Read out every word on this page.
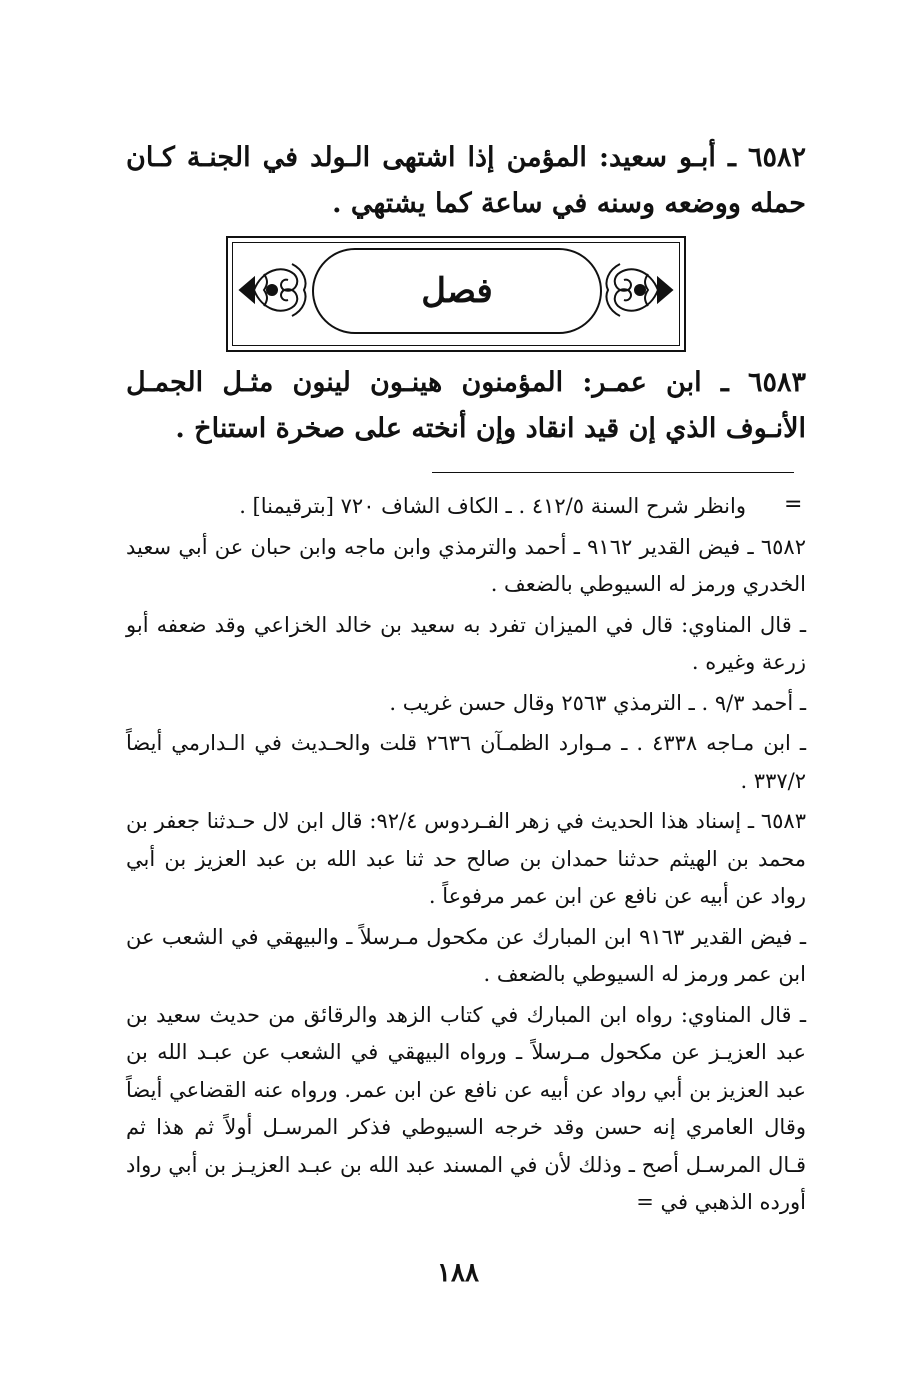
٦٥٨٢ ـ أبـو سعيد: المؤمن إذا اشتهى الـولد في الجنـة كـان حمله ووضعه وسنه في ساعة كما يشتهي .
فصل
٦٥٨٣ ـ ابن عمـر: المؤمنون هينـون لينون مثـل الجمـل الأنـوف الذي إن قيد انقاد وإن أنخته على صخرة استناخ .
=

وانظر شرح السنة ٤١٢/٥ . ـ الكاف الشاف ٧٢٠ [بترقيمنا] .

٦٥٨٢ ـ فيض القدير ٩١٦٢ ـ أحمد والترمذي وابن ماجه وابن حبان عن أبي سعيد الخدري ورمز له السيوطي بالضعف .

ـ قال المناوي: قال في الميزان تفرد به سعيد بن خالد الخزاعي وقد ضعفه أبو زرعة وغيره .

ـ أحمد ٩/٣ . ـ الترمذي ٢٥٦٣ وقال حسن غريب .

ـ ابن مـاجه ٤٣٣٨ . ـ مـوارد الظمـآن ٢٦٣٦ قلت والحـديث في الـدارمي أيضاً ٣٣٧/٢ .

٦٥٨٣ ـ إسناد هذا الحديث في زهر الفـردوس ٩٢/٤: قال ابن لال حـدثنا جعفر بن محمد بن الهيثم حدثنا حمدان بن صالح حد ثنا عبد الله بن عبد العزيز بن أبي رواد عن أبيه عن نافع عن ابن عمر مرفوعاً .

ـ فيض القدير ٩١٦٣ ابن المبارك عن مكحول مـرسلاً ـ والبيهقي في الشعب عن ابن عمر ورمز له السيوطي بالضعف .

ـ قال المناوي: رواه ابن المبارك في كتاب الزهد والرقائق من حديث سعيد بن عبد العزيـز عن مكحول مـرسلاً ـ ورواه البيهقي في الشعب عن عبـد الله بن عبد العزيز بن أبي رواد عن أبيه عن نافع عن ابن عمر. ورواه عنه القضاعي أيضاً وقال العامري إنه حسن وقد خرجه السيوطي فذكر المرسـل أولاً ثم هذا ثم قـال المرسـل أصح ـ وذلك لأن في المسند عبد الله بن عبـد العزيـز بن أبي رواد أورده الذهبي في =

١٨٨
